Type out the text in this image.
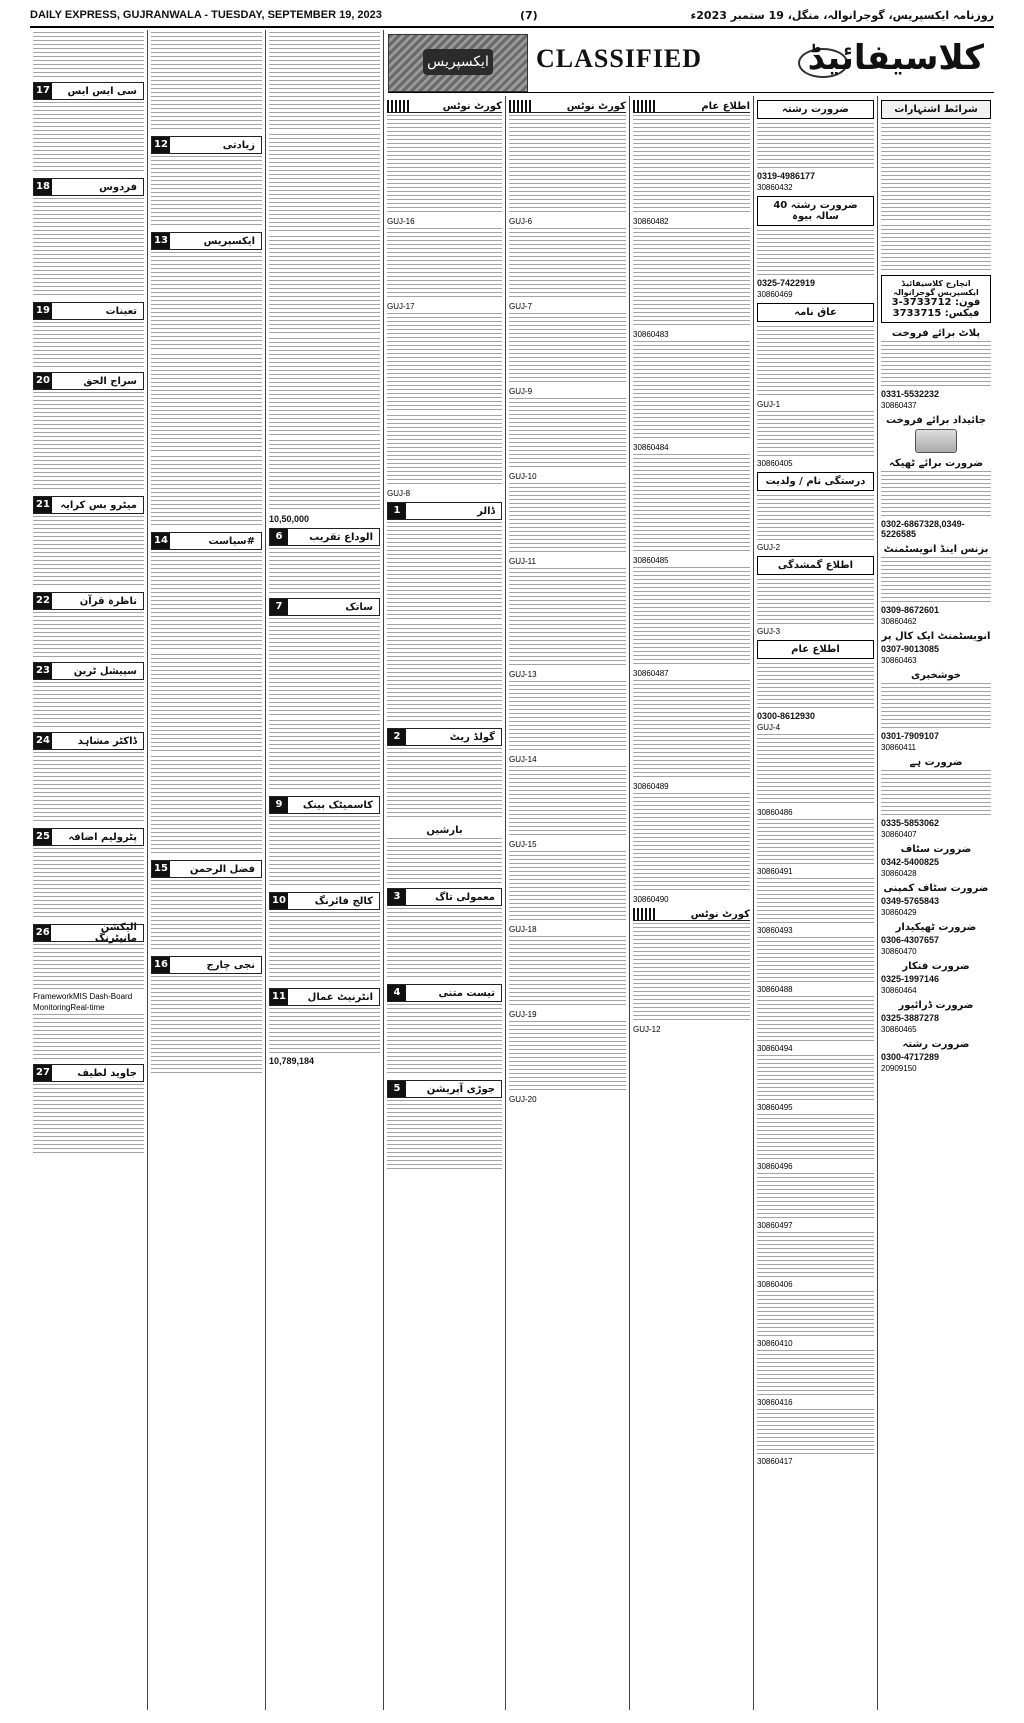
DAILY EXPRESS, GUJRANWALA - TUESDAY, SEPTEMBER 19, 2023	(7)	روزنامہ ایکسپریس، گوجرانوالہ، منگل، 19 ستمبر 2023ء
ایکسپریس CLASSIFIED	کلاسیفائیڈ
سی ایس ایس
17
فردوس
18
تعینات
19
سراج الحق
20
میٹرو بس کرایہ
21
ناظرہ قرآن
22
سپیشل ٹرین
23
ڈاکٹر مشاہد
24
پٹرولیم اضافہ
25
الیکشن مانیٹرنگ
26
FrameworkMIS Dash-Board
MonitoringReal-time
جاوید لطیف
27
زیادتی
12
ایکسپریس
13
#سیاست
14
فضل الرحمن
15
نجی چارج
16
10,50,000
الوداع تقریب
6
ساتک
7
کاسمیٹک بینک
9
کالج فائرنگ
10
انٹرنیٹ عمال
11
10,789,184
کورٹ نوٹس
GUJ-16
GUJ-17
GUJ-8
ڈالر
1
گولڈ ریٹ
2
بارشیں
معمولی تاگ
3
تیست متنی
4
جوڑی آپریشن
5
کورٹ نوٹس
GUJ-6
GUJ-7
GUJ-9
GUJ-10
GUJ-11
GUJ-13
GUJ-14
GUJ-15
GUJ-18
GUJ-19
GUJ-20
اطلاع عام
30860482
30860483
30860484
30860485
30860487
30860489
30860490
کورٹ نوٹس
GUJ-12
ضرورت رشتہ
0319-4986177
30860432
ضرورت رشتہ 40 سالہ بیوہ
0325-7422919
30860469
عاق نامہ
GUJ-1
30860405
درستگی نام / ولدیت
GUJ-2
اطلاع گمشدگی
GUJ-3
اطلاع عام
0300-8612930
GUJ-4
30860486
30860491
30860493
30860488
30860494
30860495
30860496
30860497
30860406
30860410
30860416
30860417
شرائط اشتہارات
انچارج کلاسیفائیڈ ایکسپریس گوجرانوالہ
فون: 3733712-3
فیکس: 3733715
پلاٹ برائے فروخت
0331-5532232
30860437
جائیداد برائے فروخت
ضرورت برائے ٹھیکہ
0302-6867328,0349-5226585
بزنس اینڈ انویسٹمنٹ
0309-8672601
30860462
انویسٹمنٹ ایک کال پر
0307-9013085
30860463
خوشخبری
0301-7909107
30860411
ضرورت ہے
0335-5853062
30860407
ضرورت سٹاف
0342-5400825
30860428
ضرورت سٹاف کمپنی
0349-5765843
30860429
ضرورت ٹھیکیدار
0306-4307657
30860470
ضرورت فنکار
0325-1997146
30860464
ضرورت ڈرائیور
0325-3887278
30860465
ضرورت رشتہ
0300-4717289
20909150
